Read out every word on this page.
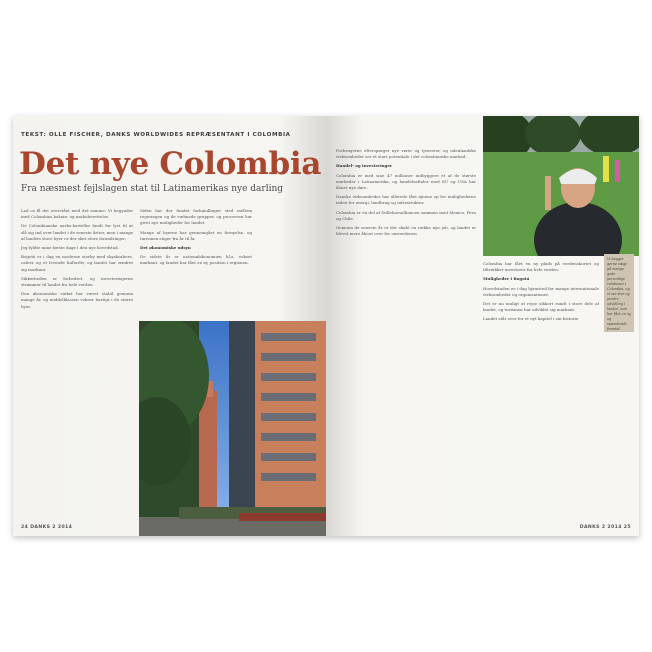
TEKST: OLLE FISCHER, DANKS WORLDWIDES REPRÆSENTANT I COLOMBIA
Det nye Colombia
Fra næsmest fejlslagen stat til Latinamerikas nye darling

Lad os få det overstået med det samme: Vi begynder med Colombias kokain- og narkoberettelse.

De Colombianske narko-karteller fandt for lyst til at slå sig ind over landet i de seneste årtier, men i mange af landets store byer er der sket store forandringer.

Jeg fyldte mine første dage i den nye hovedstad.

Bogotá er i dag en moderne storby med skyskrabere, cafeer og et levende kulturliv, og landet har ændret sig markant.

Sikkerheden er forbedret, og investeringerne strømmer til landet fra hele verden.

Den økonomiske vækst har været stabil gennem mange år, og middelklassen vokser hurtigt i de større byer.

Siden har der fundet forhandlinger sted mellem regeringen og de væbnede grupper, og processen har givet nye muligheder for landet.

Mange af byerne har gennemgået en fornyelse, og turismen stiger fra år til år.

Det økonomiske udsyn

De sidste år er nationaløkonomien bl.a. vokset markant, og landet har fået en ny position i regionen.

24 DANKS 2 2014

Forbrugerne efterspørger nye varer og tjenester, og udenlandske virksomheder ser et stort potentiale i det colombianske marked.

Handel- og investeringer

Colombia er med sine 47 millioner indbyggere et af de største markeder i Latinamerika, og handelsaftaler med EU og USA har åbnet nye døre.

Danske virksomheder har allerede fået øjnene op for mulighederne inden for energi, landbrug og infrastruktur.

Colombia er en del af Stillehavsalliancen sammen med Mexico, Peru og Chile.

Gennem de seneste år er der skabt en række nye job, og landet er blevet mere åbent over for omverdenen.

Colombia har fået en ny plads på verdenskortet og tiltrækker investorer fra hele verden.

Muligheder i Bogotá

Hovedstaden er i dag hjemsted for mange internationale virksomheder og organisationer.

Det er nu muligt at rejse sikkert rundt i store dele af landet, og turismen har udviklet sig markant.

Landet står over for et nyt kapitel i sin historie.

Vi lægger gerne vægt på mange gode personlige relationer i Colombia, og vi ser stor og positiv udvikling i landet, som har fået en ny og spændende fremtid.
DANKS 2 2014 25
